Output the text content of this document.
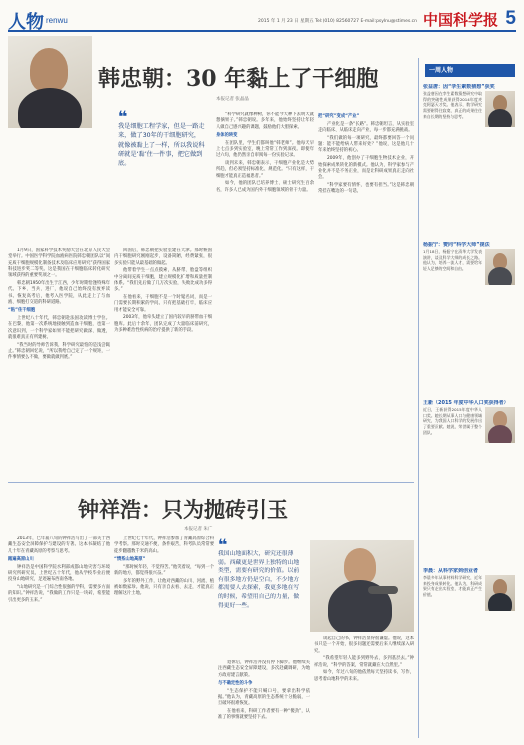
人物 renwu	2015 年 1 月 23 日 星期五 Tel:(010) 82560727 E-mail:psylnu@stimes.cn 中国科学报 5
韩忠朝：30 年黏上了干细胞
本报记者 张晶晶
❝
我是细胞工程学家，但是一路走来，做了30年的干细胞研究，就像被黏上了一样，所以我说科研就是‘黏’住一件事，把它做到底。

1月9日，国家科学技术奖励大会在北京人民大会堂举行。中国医学科学院血液病医院韩忠朝团队以“间充质干细胞规模化制备技术及临床应用研究”获得国家科技进步奖二等奖。这是我国在干细胞临床转化研究领域获得的重要奖项之一。

韩忠朝1950年出生于江西，少年时期恰逢特殊年代。下乡、当兵、进厂，他说自己始终没有放弃读书。恢复高考后，他考入医学院，从此走上了与血液、细胞打交道的科研道路。

“粘”住干细胞

上世纪八十年代，韩忠朝赴法国攻读博士学位。在巴黎，他第一次系统地接触到造血干细胞，也第一次意识到，一个科学家如果不能把研究做深、做透，就很难真正有所建树。

“我当时的导师告诉我，科学研究最怕的是浅尝辄止。”韩忠朝回忆说，“所以我给自己定了一个规矩，一件事情要么不做，要做就做到底。”

回国后，韩忠朝把实验室建在天津。那时候国内干细胞研究刚刚起步，设备简陋，经费紧张，很多实验只能从最基础的做起。

他带着学生一点点摸索，从脐带、胎盘等组织中分离间充质干细胞，建立规模化扩增和质量控制体系。“我们先后做了几万次实验，失败比成功多得多。”

在他看来，干细胞不是一个时髦名词，而是一门需要长期积累的学问。只有把基础打牢，临床应用才能安全可靠。

2003年，他牵头建立了国内较早的脐带血干细胞库。此后十余年，团队完成了大量临床前研究，为多种难治性疾病的治疗提供了新的手段。

“科学研究就像种树，你不能今天种下去明天就想摘果子。”韩忠朝说。多年来，他始终坚持让年轻人做自己感兴趣的课题，鼓励他们大胆探索。

身体的转变

在团队里，学生们都叫他“韩老师”。他每天早上七点多到实验室，晚上常常工作到深夜。即使年过六旬，他仍然亲自审阅每一份实验记录。

谈到未来，韩忠朝表示，干细胞产业化是大势所趋，但必须坚持标准化、规范化。“只有这样，干细胞才能真正造福患者。”

如今，他的团队已培养博士、硕士研究生百余名，许多人已成为国内外干细胞领域的骨干力量。

把“研究”变成“产业”

产业化是一条“长路”。韩忠朝坦言，从实验室走向临床、从临床走向产业，每一步都充满挑战。

“我们做的每一项研究，最终都要回答一个问题：能不能给病人带来好处？”他说，这是他几十年来始终坚持的初心。

2009年，他创办了干细胞生物技术企业，开始探索成果转化的新模式。他认为，科学家参与产业化并不是不务正业，而是让科研成果真正走向社会。

“科学家要有情怀，也要有担当。”这是韩忠朝常挂在嘴边的一句话。

钟祥浩：只为抛砖引玉
本报记者 朱广
❝
我国山地面积大，研究还很薄弱。西藏更是世界上独特的山地类型，需要有研究的价值。以前有很多地方仍是空白，不少地方都需要人去探索，我更多地在写的时候，希望用自己的力量，做得更好一些。

2013年，已年届八旬的钟祥浩写出了一部关于西藏生态安全屏障保护与建设的专著。这本书凝结了他几十年在青藏高原的考察与思考。

踏遍高原山川

钟祥浩是中国科学院水利部成都山地灾害与环境研究所研究员。上世纪五十年代，他从学校毕业后便投身山地研究，足迹遍布西南各地。

“山地研究是一门综合性很强的学科，需要多方面的知识。”钟祥浩说，“我做的工作只是一块砖，希望能引出更多的玉来。”

上世纪七十年代，钟祥浩参加了青藏高原综合科学考察。那时交通不便，条件艰苦，科考队员常常要徒步翻越数千米的高山。

“情系山地高原”

“那时候年轻，不觉得苦。”他笑着说，“每到一个新的地方，都觉得很兴奋。”

多年的野外工作，让他对西藏的山川、河流、植被如数家珍。他说，只有亲自去看、去走，才能真正理解这片土地。

退休后，钟祥浩并没有停下脚步。他继续关注西藏生态安全屏障建设，多次赴藏调研，为地方政府建言献策。

与不确定性的斗争

“生态保护不能只喊口号，要拿出科学依据。”他认为，青藏高原的生态系统十分脆弱，一旦破坏很难恢复。

在他看来，科研工作者要有一种“傻劲”，认准了的事情就要坚持下去。

谈起自己的书，钟祥浩显得很谦虚。他说，这本书只是一个开始，很多问题还需要后来人继续深入研究。

“我希望年轻人能多到野外去，多到基层去。”钟祥浩说，“科学的答案，常常就藏在大自然里。”

如今，年过八旬的他依然每天坚持读书、写作，思考着山地科学的未来。

一周人物
张益唐：因“孪生素数猜想”获奖
张益唐因在孪生素数猜想研究中取得的突破性成果获得2014年度麦克阿瑟天才奖。他表示，数学研究需要耐得住寂寞，真正的成果往往来自长期的坚持与思考。
杨振宁：赞同“科学大师”提法
1月18日，杨振宁在清华大学发表演讲，谈及科学大师的成长之路。他认为，培养一流人才，需要给年轻人足够的空间和自由。
王新（2015 年度中华人口奖获得者）
近日，王新获得2015年度中华人口奖。她长期从事人口与健康领域研究，为我国人口科学的发展作出了重要贡献。她说，荣誉属于整个团队。
李晨：从科学家到创业者
李晨多年从事材料科学研究，近年来投身成果转化。他认为，科研成果只有走出实验室，才能真正产生价值。
